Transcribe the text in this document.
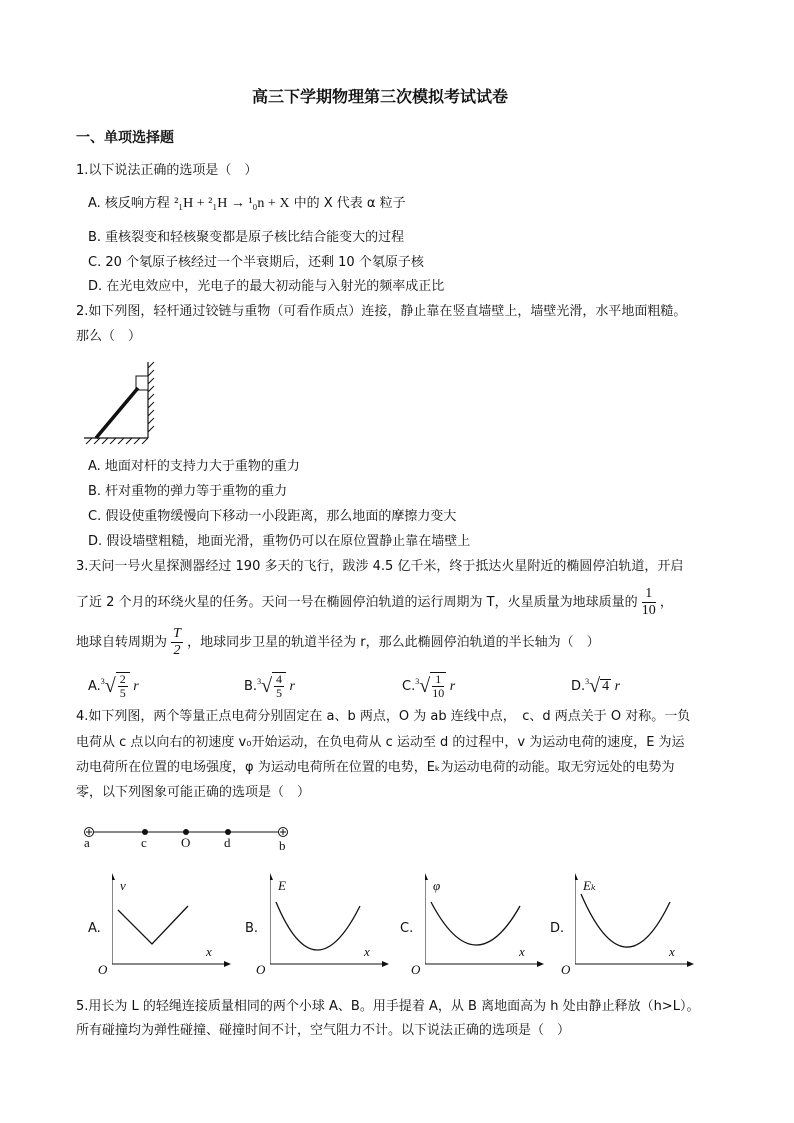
高三下学期物理第三次模拟考试试卷
一、单项选择题
1.以下说法正确的选项是（　）
A. 核反响方程 ²₁H + ²₁H → ¹₀n + X 中的 X 代表 α 粒子
B. 重核裂变和轻核聚变都是原子核比结合能变大的过程
C. 20 个氡原子核经过一个半衰期后，还剩 10 个氡原子核
D. 在光电效应中，光电子的最大初动能与入射光的频率成正比
2.如下列图，轻杆通过铰链与重物（可看作质点）连接，静止靠在竖直墙壁上，墙壁光滑，水平地面粗糙。
那么（　）
A. 地面对杆的支持力大于重物的重力
B. 杆对重物的弹力等于重物的重力
C. 假设使重物缓慢向下移动一小段距离，那么地面的摩擦力变大
D. 假设墙壁粗糙，地面光滑，重物仍可以在原位置静止靠在墙壁上
3.天问一号火星探测器经过 190 多天的飞行，跋涉 4.5 亿千米，终于抵达火星附近的椭圆停泊轨道，开启
了近 2 个月的环绕火星的任务。天问一号在椭圆停泊轨道的运行周期为 T，火星质量为地球质量的 $\frac{1}{10}$ ，
地球自转周期为 $\frac{T}{2}$ ，地球同步卫星的轨道半径为 r，那么此椭圆停泊轨道的半长轴为（　）
$A.^3√ \frac{2}{5}$ r	$B.^3√ \frac{4}{5}$ r	$C.^3√ \frac{1}{10}$ r	D.$^3$√ 4 r
4.如下列图，两个等量正点电荷分别固定在 a、b 两点，O 为 ab 连线中点，　c、d 两点关于 O 对称。一负
电荷从 c 点以向右的初速度 v₀开始运动，在负电荷从 c 运动至 d 的过程中，v 为运动电荷的速度，E 为运
动电荷所在位置的电场强度，φ 为运动电荷所在位置的电势，Eₖ为运动电荷的动能。取无穷远处的电势为
零，以下列图象可能正确的选项是（　）
a	c	O	d	b
A.
v
x
O
B.
E
x
O
C.
φ
x
O
D.
Eₖ
x
O
5.用长为 L 的轻绳连接质量相同的两个小球 A、B。用手提着 A，从 B 离地面高为 h 处由静止释放（h>L）。
所有碰撞均为弹性碰撞、碰撞时间不计，空气阻力不计。以下说法正确的选项是（　）
